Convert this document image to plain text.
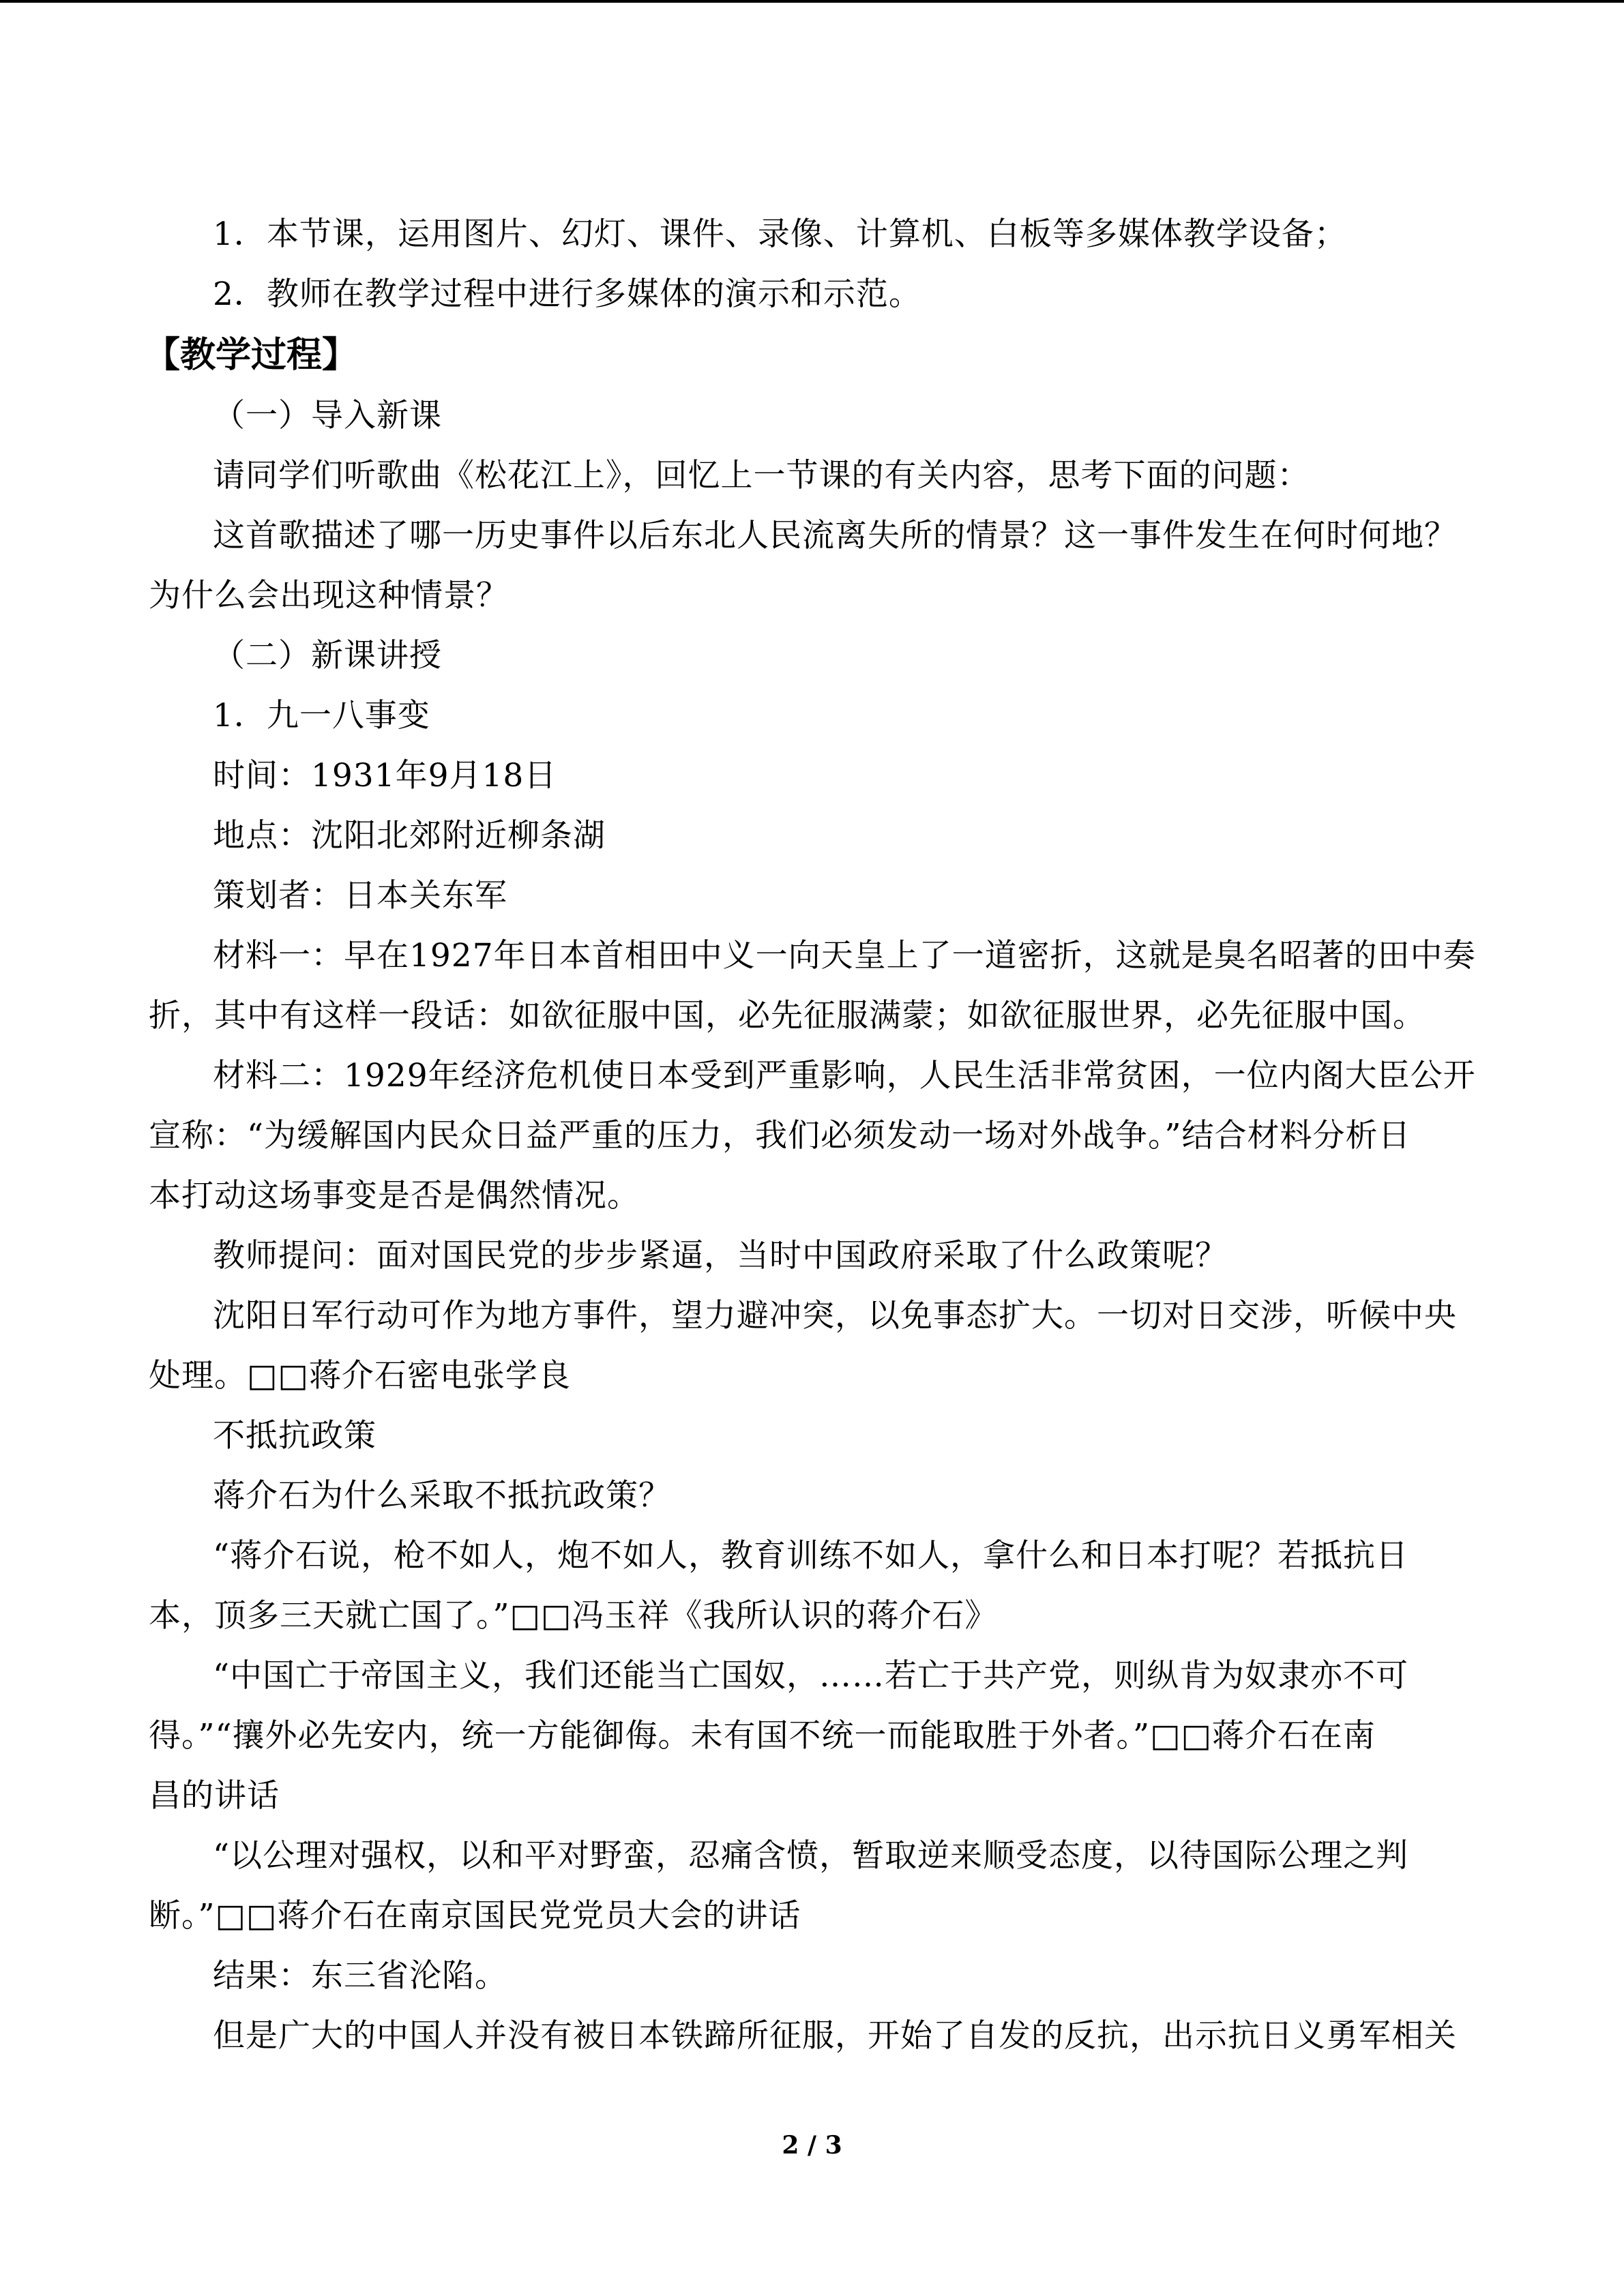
1．本节课，运用图片、幻灯、课件、录像、计算机、白板等多媒体教学设备；
2．教师在教学过程中进行多媒体的演示和示范。
【教学过程】
（一）导入新课
请同学们听歌曲《松花江上》，回忆上一节课的有关内容，思考下面的问题：
这首歌描述了哪一历史事件以后东北人民流离失所的情景？这一事件发生在何时何地？
为什么会出现这种情景？
（二）新课讲授
1．九一八事变
时间：1931年9月18日
地点：沈阳北郊附近柳条湖
策划者：日本关东军
材料一：早在1927年日本首相田中义一向天皇上了一道密折，这就是臭名昭著的田中奏
折，其中有这样一段话：如欲征服中国，必先征服满蒙；如欲征服世界，必先征服中国。
材料二：1929年经济危机使日本受到严重影响，人民生活非常贫困，一位内阁大臣公开
宣称：“为缓解国内民众日益严重的压力，我们必须发动一场对外战争。”结合材料分析日
本打动这场事变是否是偶然情况。
教师提问：面对国民党的步步紧逼，当时中国政府采取了什么政策呢？
沈阳日军行动可作为地方事件，望力避冲突，以免事态扩大。一切对日交涉，听候中央
处理。□□蒋介石密电张学良
不抵抗政策
蒋介石为什么采取不抵抗政策？
“蒋介石说，枪不如人，炮不如人，教育训练不如人，拿什么和日本打呢？若抵抗日
本，顶多三天就亡国了。”□□冯玉祥《我所认识的蒋介石》
“中国亡于帝国主义，我们还能当亡国奴，……若亡于共产党，则纵肯为奴隶亦不可
得。”“攘外必先安内，统一方能御侮。未有国不统一而能取胜于外者。”□□蒋介石在南
昌的讲话
“以公理对强权，以和平对野蛮，忍痛含愤，暂取逆来顺受态度，以待国际公理之判
断。”□□蒋介石在南京国民党党员大会的讲话
结果：东三省沦陷。
但是广大的中国人并没有被日本铁蹄所征服，开始了自发的反抗，出示抗日义勇军相关
2 / 3
